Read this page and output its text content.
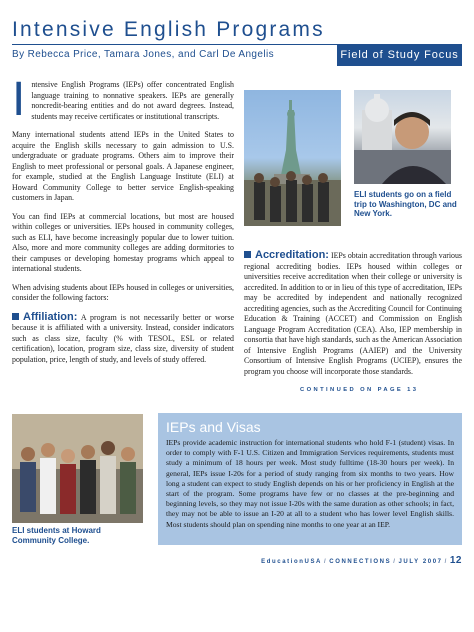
Intensive English Programs
By Rebecca Price, Tamara Jones, and Carl De Angelis	Field of Study Focus

Intensive English Programs (IEPs) offer concentrated English language training to nonnative speakers. IEPs are generally noncredit-bearing entities and do not award degrees. Instead, students may receive certificates or institutional transcripts.

Many international students attend IEPs in the United States to acquire the English skills necessary to gain admission to U.S. undergraduate or graduate programs. Others aim to improve their English to meet professional or personal goals. A Japanese engineer, for example, studied at the English Language Institute (ELI) at Howard Community College to better service English-speaking customers in Japan.

You can find IEPs at commercial locations, but most are housed within colleges or universities. IEPs housed in community colleges, such as ELI, have become increasingly popular due to lower tuition. Also, more and more community colleges are adding dormitories to their campuses or developing homestay programs which appeal to international students.

When advising students about IEPs housed in colleges or universities, consider the following factors:

Affiliation: A program is not necessarily better or worse because it is affiliated with a university. Instead, consider indicators such as class size, faculty (% with TESOL, ESL or related certification), location, program size, class size, diversity of student population, price, length of study, and levels of study offered.

ELI students go on a field trip to Washington, DC and New York.

Accreditation: IEPs obtain accreditation through various regional accrediting bodies. IEPs housed within colleges or universities receive accreditation when their college or university is accredited. In addition to or in lieu of this type of accreditation, IEPs may be accredited by independent and nationally recognized accrediting agencies, such as the Accrediting Council for Continuing Education & Training (ACCET) and Commission on English Language Program Accreditation (CEA). Also, IEP membership in consortia that have high standards, such as the American Association of Intensive English Programs (AAIEP) and the University Consortium of Intensive English Programs (UCIEP), ensures the program you choose will incorporate those standards.

CONTINUED ON PAGE 13
ELI students at Howard Community College.
IEPs and Visas
IEPs provide academic instruction for international students who hold F-1 (student) visas. In order to comply with F-1 U.S. Citizen and Immigration Services requirements, students must study a minimum of 18 hours per week. Most study fulltime (18-30 hours per week). In general, IEPs issue I-20s for a period of study ranging from six months to two years. How long a student can expect to study English depends on his or her proficiency in English at the start of the program. Some programs have few or no classes at the pre-beginning and beginning levels, so they may not issue I-20s with the same duration as other schools; in fact, they may not be able to issue an I-20 at all to a student who has lower level English skills. Most students should plan on spending nine months to one year at an IEP.
EducationUSA / CONNECTIONS / JULY 2007 / 12
